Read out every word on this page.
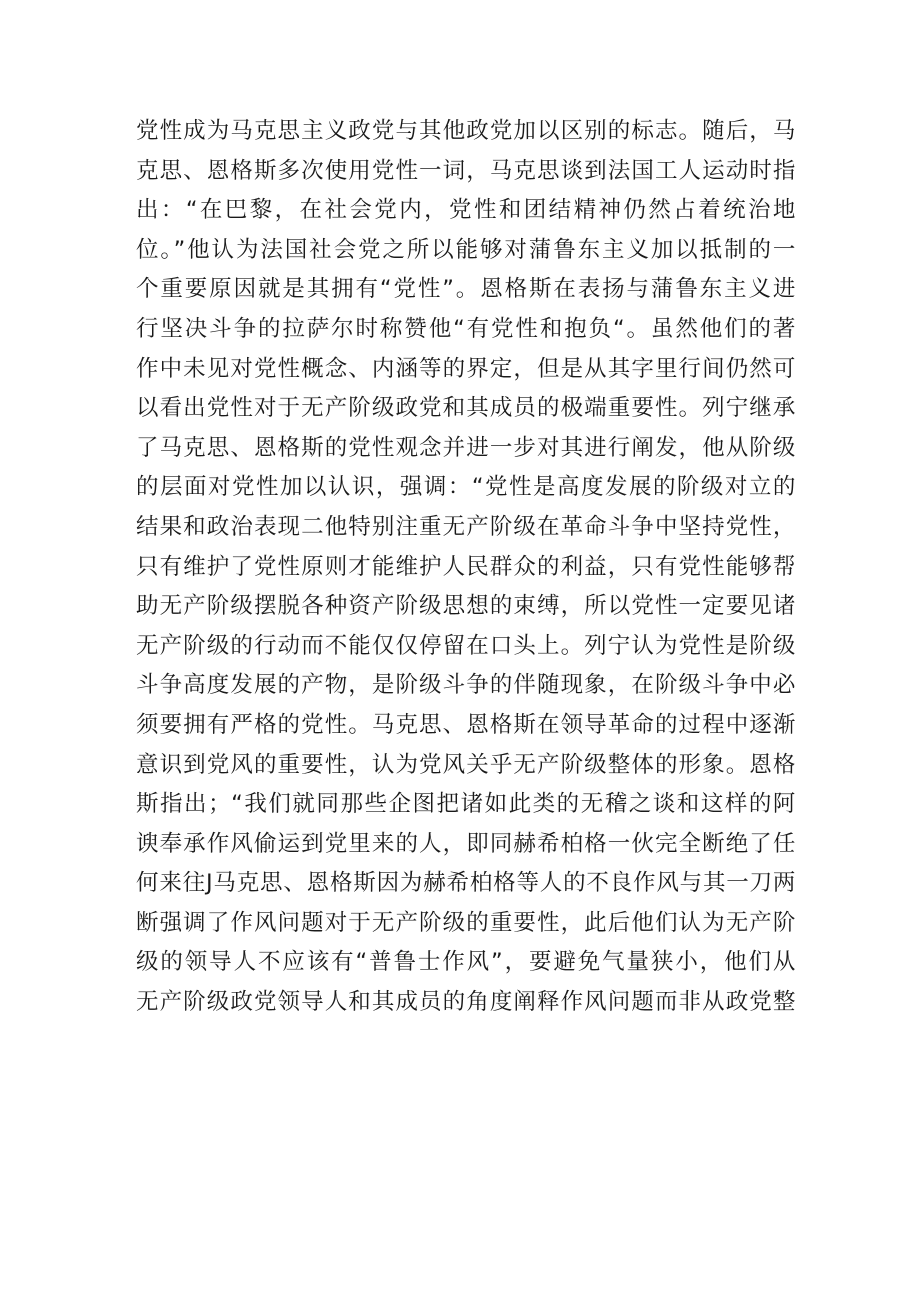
党性成为马克思主义政党与其他政党加以区别的标志。随后，马
克思、恩格斯多次使用党性一词，马克思谈到法国工人运动时指
出：“在巴黎，在社会党内，党性和团结精神仍然占着统治地
位。”他认为法国社会党之所以能够对蒲鲁东主义加以抵制的一
个重要原因就是其拥有“党性”。恩格斯在表扬与蒲鲁东主义进
行坚决斗争的拉萨尔时称赞他“有党性和抱负“。虽然他们的著
作中未见对党性概念、内涵等的界定，但是从其字里行间仍然可
以看出党性对于无产阶级政党和其成员的极端重要性。列宁继承
了马克思、恩格斯的党性观念并进一步对其进行阐发，他从阶级
的层面对党性加以认识，强调：“党性是高度发展的阶级对立的
结果和政治表现二他特别注重无产阶级在革命斗争中坚持党性，
只有维护了党性原则才能维护人民群众的利益，只有党性能够帮
助无产阶级摆脱各种资产阶级思想的束缚，所以党性一定要见诸
无产阶级的行动而不能仅仅停留在口头上。列宁认为党性是阶级
斗争高度发展的产物，是阶级斗争的伴随现象，在阶级斗争中必
须要拥有严格的党性。马克思、恩格斯在领导革命的过程中逐渐
意识到党风的重要性，认为党风关乎无产阶级整体的形象。恩格
斯指出；“我们就同那些企图把诸如此类的无稽之谈和这样的阿
谀奉承作风偷运到党里来的人，即同赫希柏格一伙完全断绝了任
何来往J马克思、恩格斯因为赫希柏格等人的不良作风与其一刀两
断强调了作风问题对于无产阶级的重要性，此后他们认为无产阶
级的领导人不应该有“普鲁士作风”，要避免气量狭小，他们从
无产阶级政党领导人和其成员的角度阐释作风问题而非从政党整
